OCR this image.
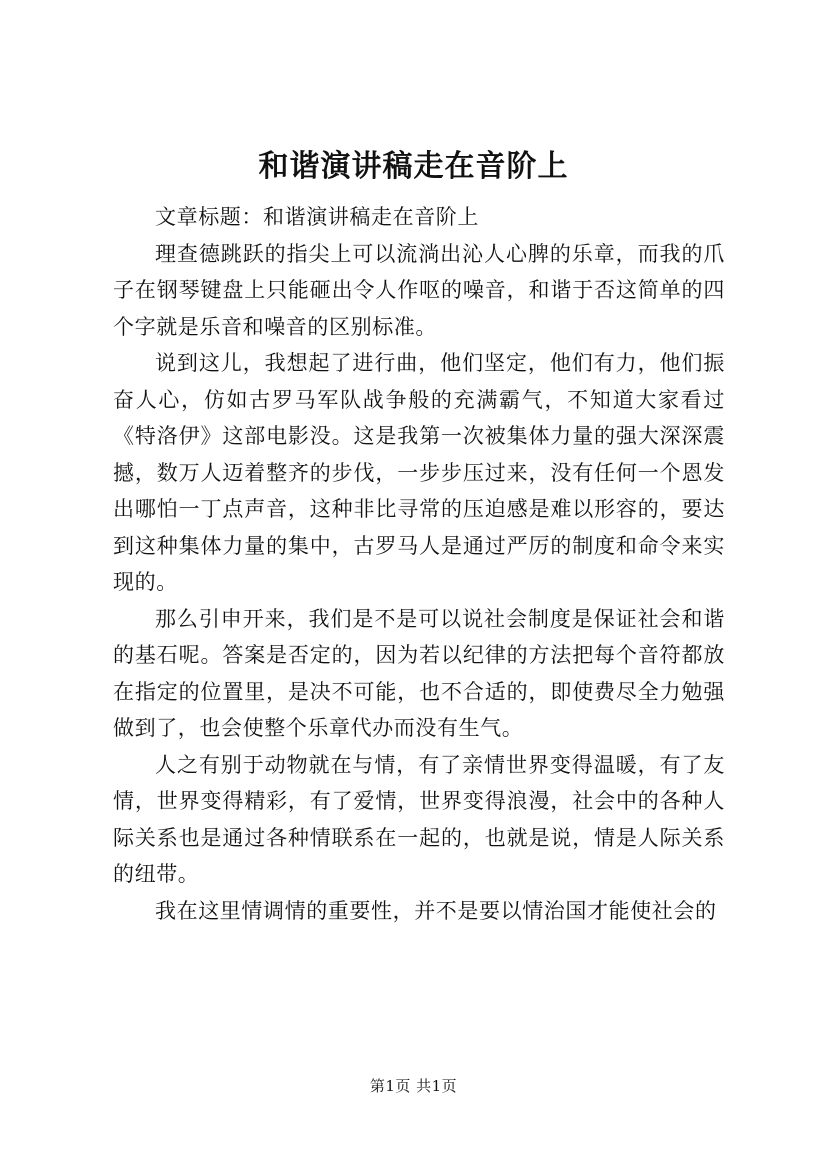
和谐演讲稿走在音阶上

文章标题：和谐演讲稿走在音阶上

理查德跳跃的指尖上可以流淌出沁人心脾的乐章，而我的爪子在钢琴键盘上只能砸出令人作呕的噪音，和谐于否这简单的四个字就是乐音和噪音的区别标准。

说到这儿，我想起了进行曲，他们坚定，他们有力，他们振奋人心，仿如古罗马军队战争般的充满霸气，不知道大家看过《特洛伊》这部电影没。这是我第一次被集体力量的强大深深震撼，数万人迈着整齐的步伐，一步步压过来，没有任何一个恩发出哪怕一丁点声音，这种非比寻常的压迫感是难以形容的，要达到这种集体力量的集中，古罗马人是通过严厉的制度和命令来实现的。

那么引申开来，我们是不是可以说社会制度是保证社会和谐的基石呢。答案是否定的，因为若以纪律的方法把每个音符都放在指定的位置里，是决不可能，也不合适的，即使费尽全力勉强做到了，也会使整个乐章代办而没有生气。

人之有别于动物就在与情，有了亲情世界变得温暖，有了友情，世界变得精彩，有了爱情，世界变得浪漫，社会中的各种人际关系也是通过各种情联系在一起的，也就是说，情是人际关系的纽带。

我在这里情调情的重要性，并不是要以情治国才能使社会的

第1页 共1页
